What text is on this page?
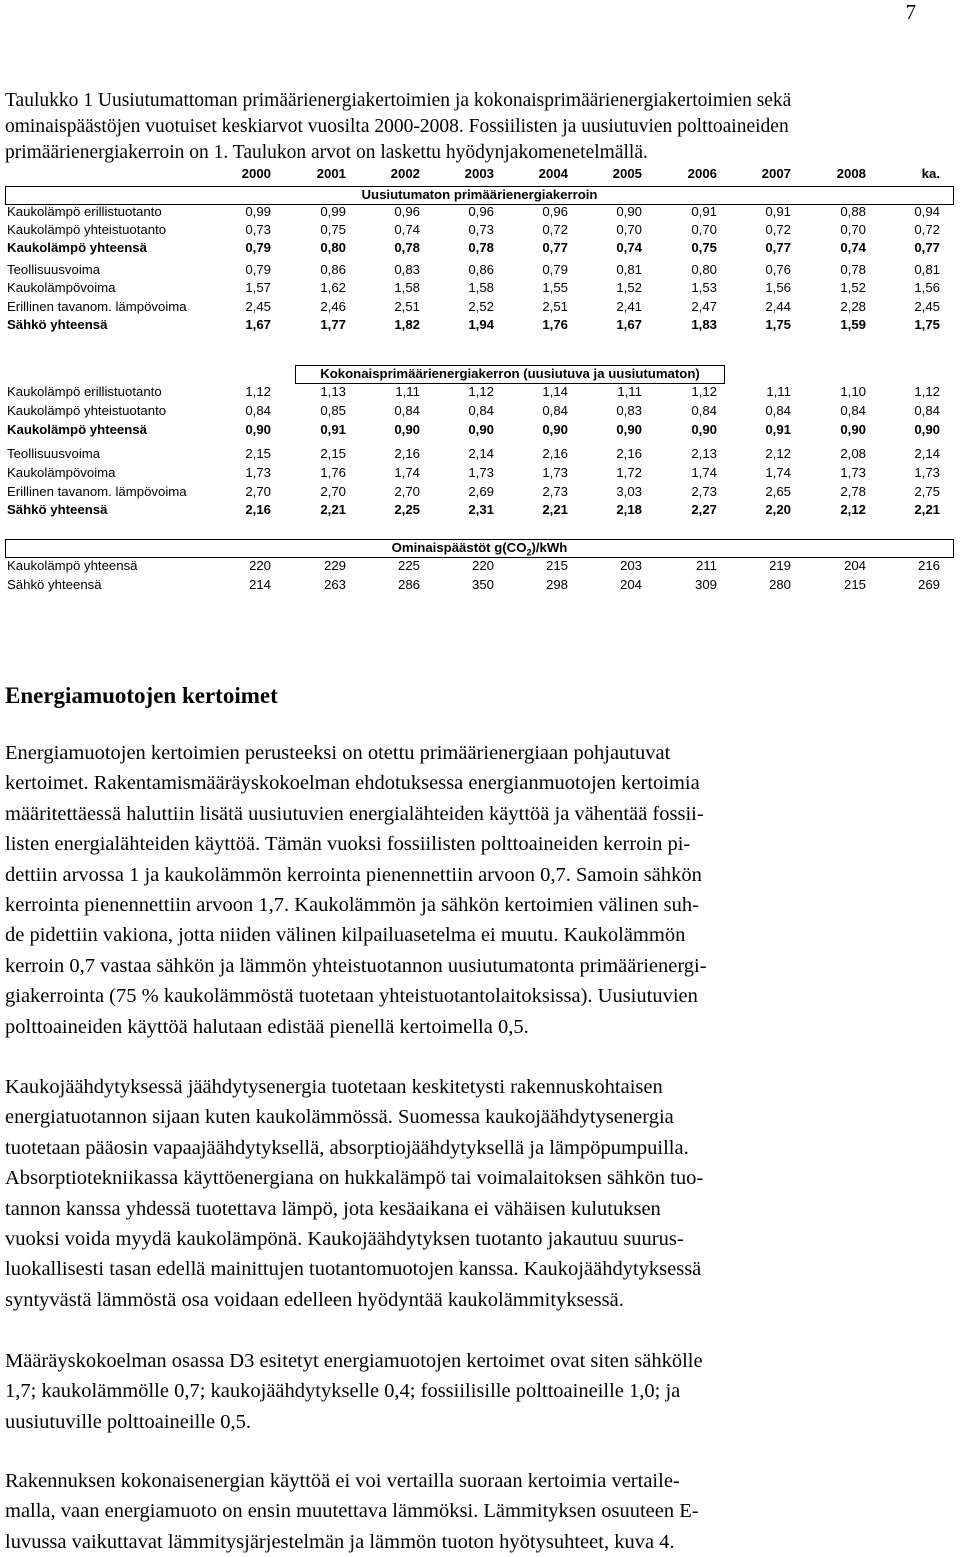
7
Taulukko 1 Uusiutumattoman primäärienergiakertoimien ja kokonaisprimäärienergiakertoimien sekä
ominaispäästöjen vuotuiset keskiarvot vuosilta 2000-2008. Fossiilisten ja uusiutuvien polttoaineiden
primäärienergiakerroin on 1. Taulukon arvot on laskettu hyödynjakomenetelmällä.
2000	2001	2002	2003	2004	2005	2006	2007	2008	ka.
Uusiutumaton primäärienergiakerroin
Kaukolämpö erillistuotanto	0,99	0,99	0,96	0,96	0,96	0,90	0,91	0,91	0,88	0,94
Kaukolämpö yhteistuotanto	0,73	0,75	0,74	0,73	0,72	0,70	0,70	0,72	0,70	0,72
Kaukolämpö yhteensä	0,79	0,80	0,78	0,78	0,77	0,74	0,75	0,77	0,74	0,77
Teollisuusvoima	0,79	0,86	0,83	0,86	0,79	0,81	0,80	0,76	0,78	0,81
Kaukolämpövoima	1,57	1,62	1,58	1,58	1,55	1,52	1,53	1,56	1,52	1,56
Erillinen tavanom. lämpövoima	2,45	2,46	2,51	2,52	2,51	2,41	2,47	2,44	2,28	2,45
Sähkö yhteensä	1,67	1,77	1,82	1,94	1,76	1,67	1,83	1,75	1,59	1,75
Kokonaisprimäärienergiakerron (uusiutuva ja uusiutumaton)
Kaukolämpö erillistuotanto	1,12	1,13	1,11	1,12	1,14	1,11	1,12	1,11	1,10	1,12
Kaukolämpö yhteistuotanto	0,84	0,85	0,84	0,84	0,84	0,83	0,84	0,84	0,84	0,84
Kaukolämpö yhteensä	0,90	0,91	0,90	0,90	0,90	0,90	0,90	0,91	0,90	0,90
Teollisuusvoima	2,15	2,15	2,16	2,14	2,16	2,16	2,13	2,12	2,08	2,14
Kaukolämpövoima	1,73	1,76	1,74	1,73	1,73	1,72	1,74	1,74	1,73	1,73
Erillinen tavanom. lämpövoima	2,70	2,70	2,70	2,69	2,73	3,03	2,73	2,65	2,78	2,75
Sähkö yhteensä	2,16	2,21	2,25	2,31	2,21	2,18	2,27	2,20	2,12	2,21
Ominaispäästöt $g(CO_2)$/kWh
Kaukolämpö yhteensä	220	229	225	220	215	203	211	219	204	216
Sähkö yhteensä	214	263	286	350	298	204	309	280	215	269
Energiamuotojen kertoimet
Energiamuotojen kertoimien perusteeksi on otettu primäärienergiaan pohjautuvat
kertoimet. Rakentamismääräyskokoelman ehdotuksessa energianmuotojen kertoimia
määritettäessä haluttiin lisätä uusiutuvien energialähteiden käyttöä ja vähentää fossii-
listen energialähteiden käyttöä. Tämän vuoksi fossiilisten polttoaineiden kerroin pi-
dettiin arvossa 1 ja kaukolämmön kerrointa pienennettiin arvoon 0,7. Samoin sähkön
kerrointa pienennettiin arvoon 1,7. Kaukolämmön ja sähkön kertoimien välinen suh-
de pidettiin vakiona, jotta niiden välinen kilpailuasetelma ei muutu. Kaukolämmön
kerroin 0,7 vastaa sähkön ja lämmön yhteistuotannon uusiutumatonta primäärienergi-
giakerrointa (75 % kaukolämmöstä tuotetaan yhteistuotantolaitoksissa). Uusiutuvien
polttoaineiden käyttöä halutaan edistää pienellä kertoimella 0,5.
Kaukojäähdytyksessä jäähdytysenergia tuotetaan keskitetysti rakennuskohtaisen
energiatuotannon sijaan kuten kaukolämmössä. Suomessa kaukojäähdytysenergia
tuotetaan pääosin vapaajäähdytyksellä, absorptiojäähdytyksellä ja lämpöpumpuilla.
Absorptiotekniikassa käyttöenergiana on hukkalämpö tai voimalaitoksen sähkön tuo-
tannon kanssa yhdessä tuotettava lämpö, jota kesäaikana ei vähäisen kulutuksen
vuoksi voida myydä kaukolämpönä. Kaukojäähdytyksen tuotanto jakautuu suurus-
luokallisesti tasan edellä mainittujen tuotantomuotojen kanssa. Kaukojäähdytyksessä
syntyvästä lämmöstä osa voidaan edelleen hyödyntää kaukolämmityksessä.
Määräyskokoelman osassa D3 esitetyt energiamuotojen kertoimet ovat siten sähkölle
1,7; kaukolämmölle 0,7; kaukojäähdytykselle 0,4; fossiilisille polttoaineille 1,0; ja
uusiutuville polttoaineille 0,5.
Rakennuksen kokonaisenergian käyttöä ei voi vertailla suoraan kertoimia vertaile-
malla, vaan energiamuoto on ensin muutettava lämmöksi. Lämmityksen osuuteen E-
luvussa vaikuttavat lämmitysjärjestelmän ja lämmön tuoton hyötysuhteet, kuva 4.
